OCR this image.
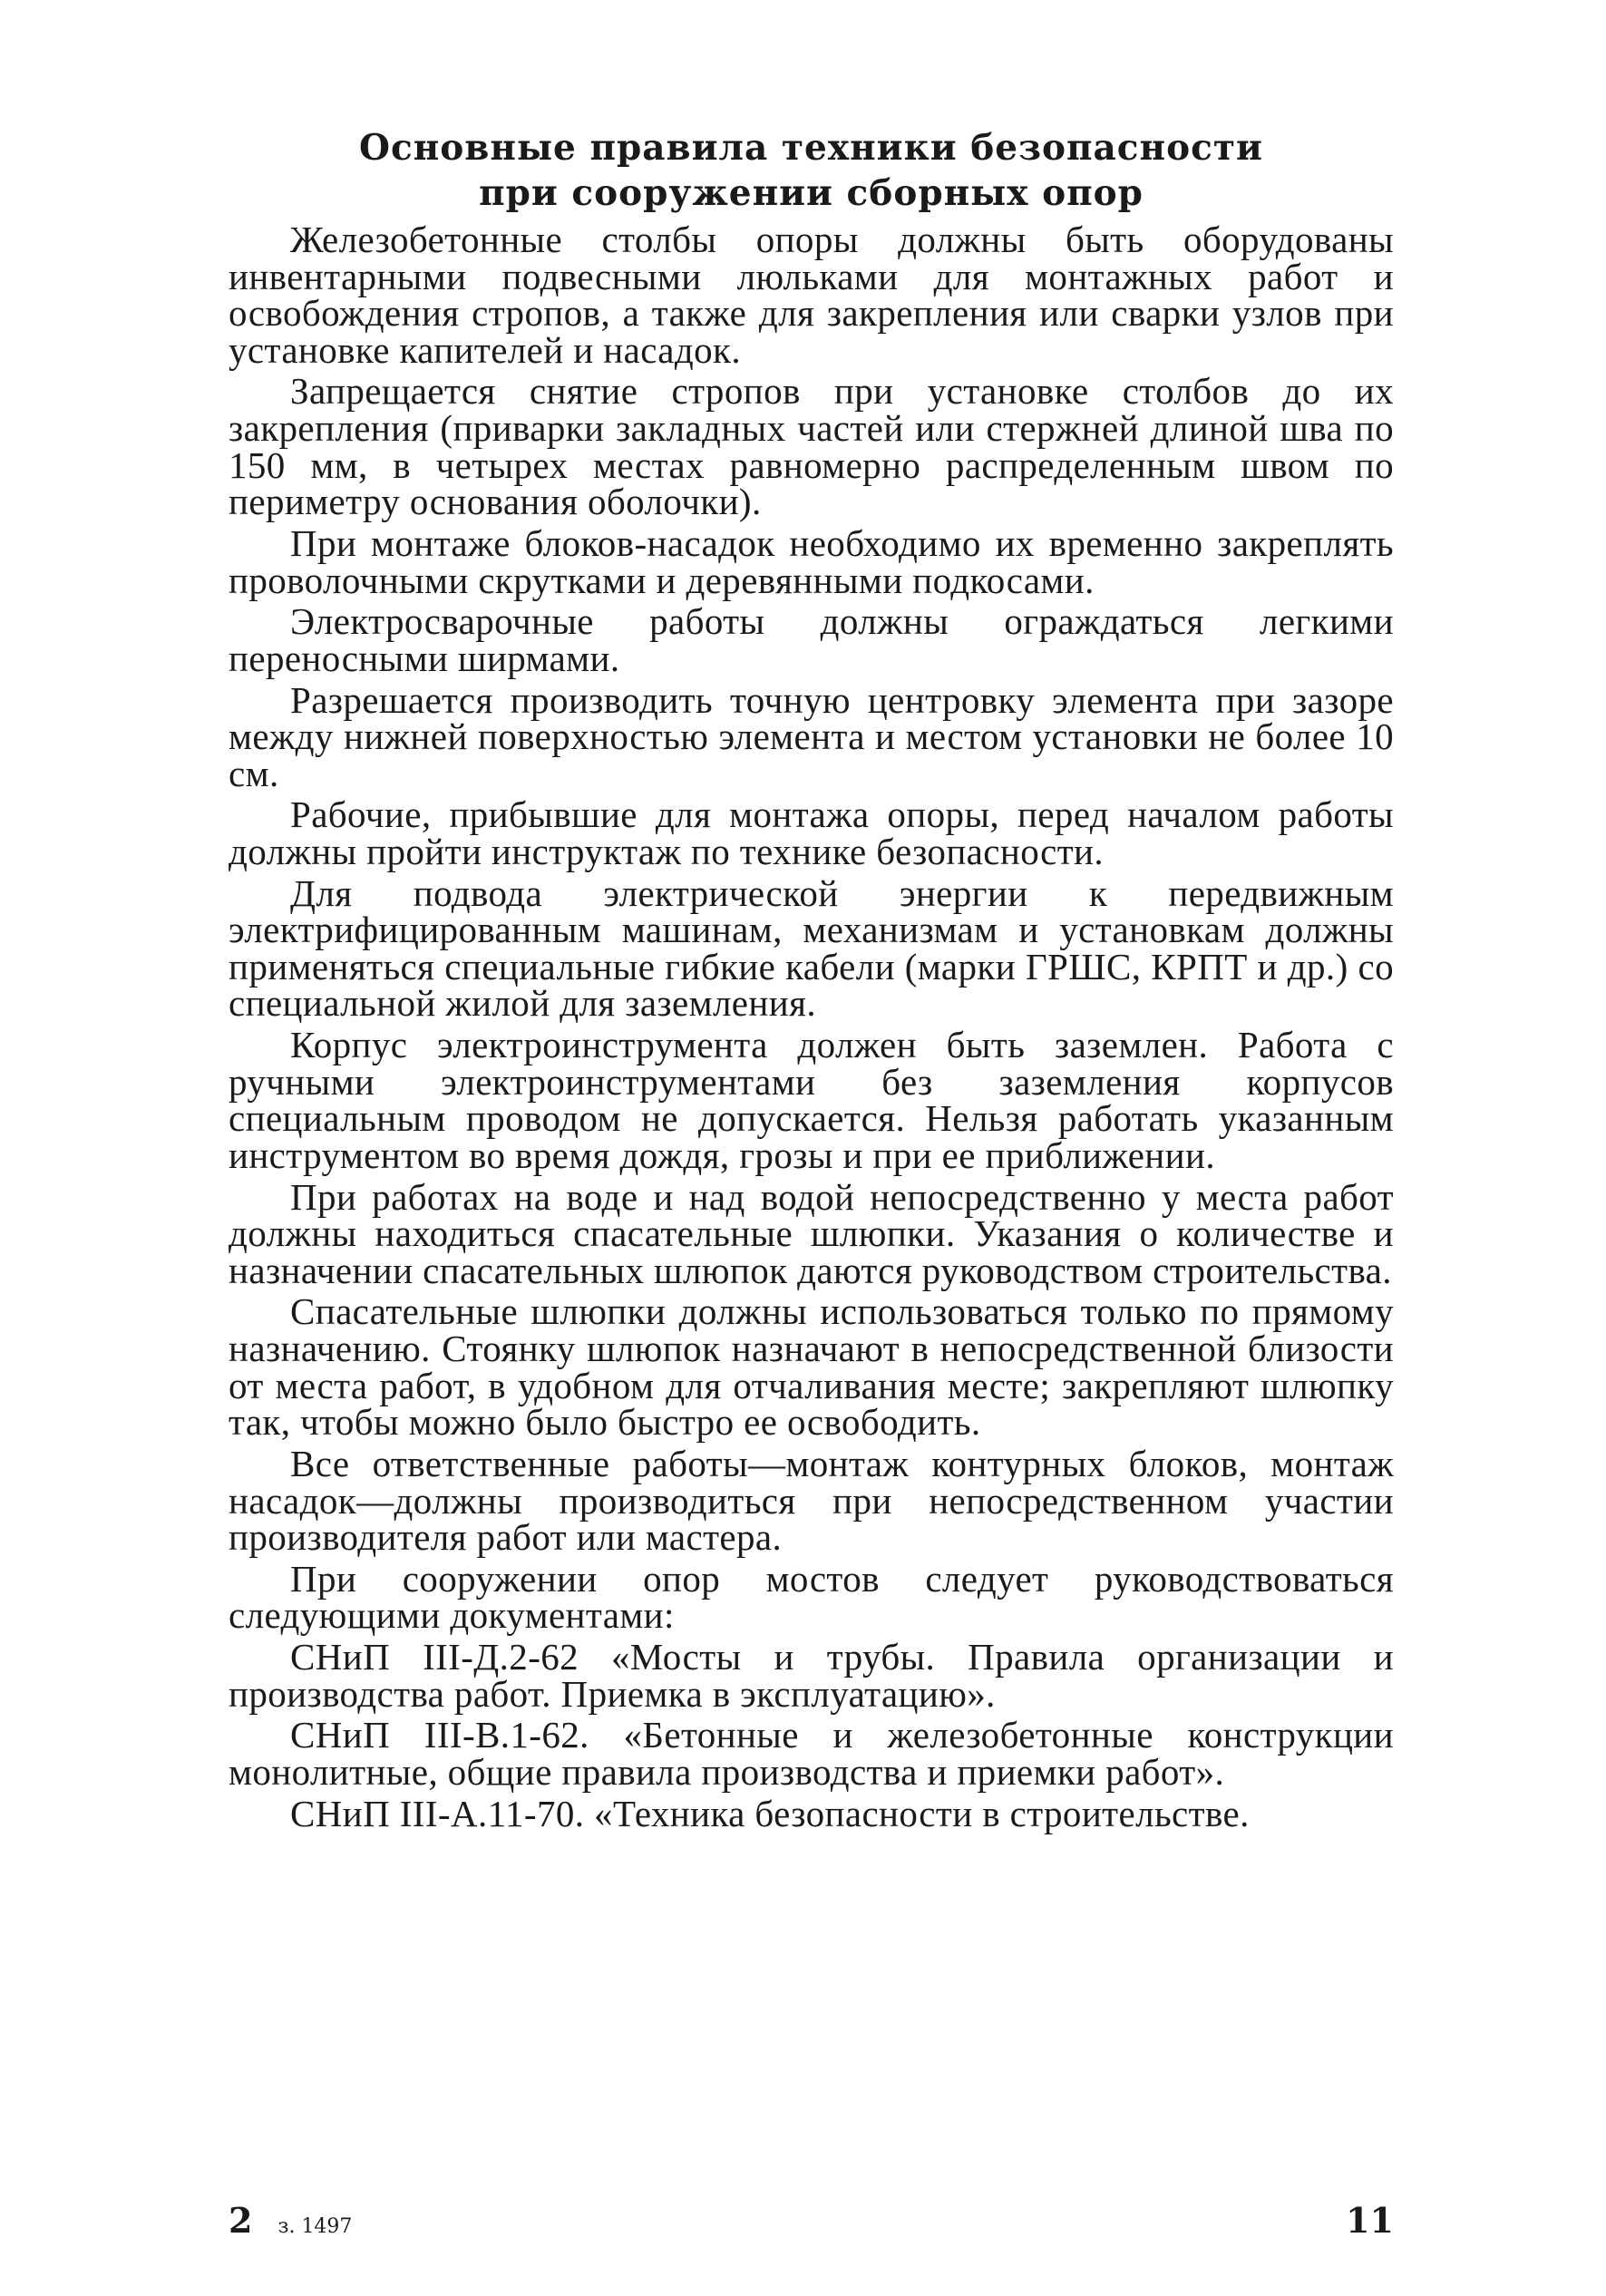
Основные правила техники безопасности
при сооружении сборных опор

Железобетонные столбы опоры должны быть оборудованы инвентарными подвесными люльками для монтажных работ и освобождения стропов, а также для закрепления или сварки узлов при установке капителей и насадок.

Запрещается снятие стропов при установке столбов до их закрепления (приварки закладных частей или стержней длиной шва по 150 мм, в четырех местах равномерно распределенным швом по периметру основания оболочки).

При монтаже блоков-насадок необходимо их временно закреплять проволочными скрутками и деревянными подкосами.

Электросварочные работы должны ограждаться легкими переносными ширмами.

Разрешается производить точную центровку элемента при зазоре между нижней поверхностью элемента и местом установки не более 10 см.

Рабочие, прибывшие для монтажа опоры, перед началом работы должны пройти инструктаж по технике безопасности.

Для подвода электрической энергии к передвижным электрифицированным машинам, механизмам и установкам должны применяться специальные гибкие кабели (марки ГРШС, КРПТ и др.) со специальной жилой для заземления.

Корпус электроинструмента должен быть заземлен. Работа с ручными электроинструментами без заземления корпусов специальным проводом не допускается. Нельзя работать указанным инструментом во время дождя, грозы и при ее приближении.

При работах на воде и над водой непосредственно у места работ должны находиться спасательные шлюпки. Указания о количестве и назначении спасательных шлюпок даются руководством строительства.

Спасательные шлюпки должны использоваться только по прямому назначению. Стоянку шлюпок назначают в непосредственной близости от места работ, в удобном для отчаливания месте; закрепляют шлюпку так, чтобы можно было быстро ее освободить.

Все ответственные работы—монтаж контурных блоков, монтаж насадок—должны производиться при непосредственном участии производителя работ или мастера.

При сооружении опор мостов следует руководствоваться следующими документами:

СНиП III-Д.2-62 «Мосты и трубы. Правила организации и производства работ. Приемка в эксплуатацию».

СНиП III-В.1-62. «Бетонные и железобетонные конструкции монолитные, общие правила производства и приемки работ».

СНиП III-А.11-70. «Техника безопасности в строительстве.

2 з. 1497	11
